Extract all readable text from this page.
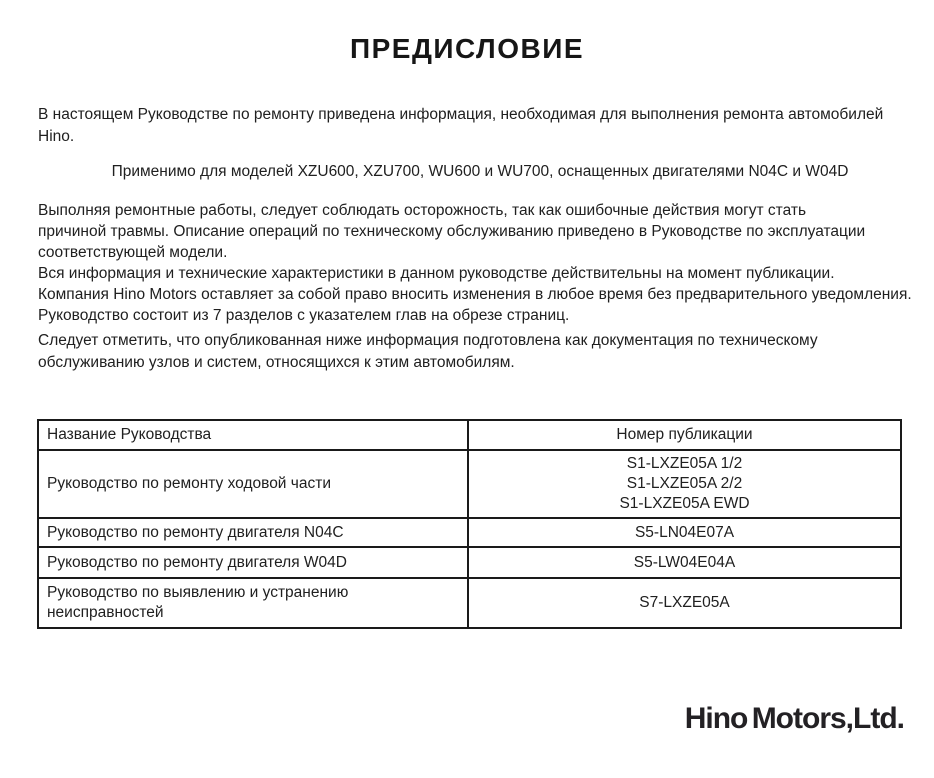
ПРЕДИСЛОВИЕ
В настоящем Руководстве по ремонту приведена информация, необходимая для выполнения ремонта автомобилей
Hino.
Применимо для моделей XZU600, XZU700, WU600 и WU700, оснащенных двигателями N04C и W04D
Выполняя ремонтные работы, следует соблюдать осторожность, так как ошибочные действия могут стать
причиной травмы. Описание операций по техническому обслуживанию приведено в Руководстве по эксплуатации
соответствующей модели.
Вся информация и технические характеристики в данном руководстве действительны на момент публикации.
Компания Hino Motors оставляет за собой право вносить изменения в любое время без предварительного уведомления.
Руководство состоит из 7 разделов с указателем глав на обрезе страниц.
Следует отметить, что опубликованная ниже информация подготовлена как документация по техническому
обслуживанию узлов и систем, относящихся к этим автомобилям.
Название Руководства	Номер публикации

Руководство по ремонту ходовой части	S1-LXZE05A 1/2
S1-LXZE05A 2/2
S1-LXZE05A EWD

Руководство по ремонту двигателя N04C	S5-LN04E07A

Руководство по ремонту двигателя W04D	S5-LW04E04A

Руководство по выявлению и устранению
неисправностей	S7-LXZE05A
Hino Motors,Ltd.
